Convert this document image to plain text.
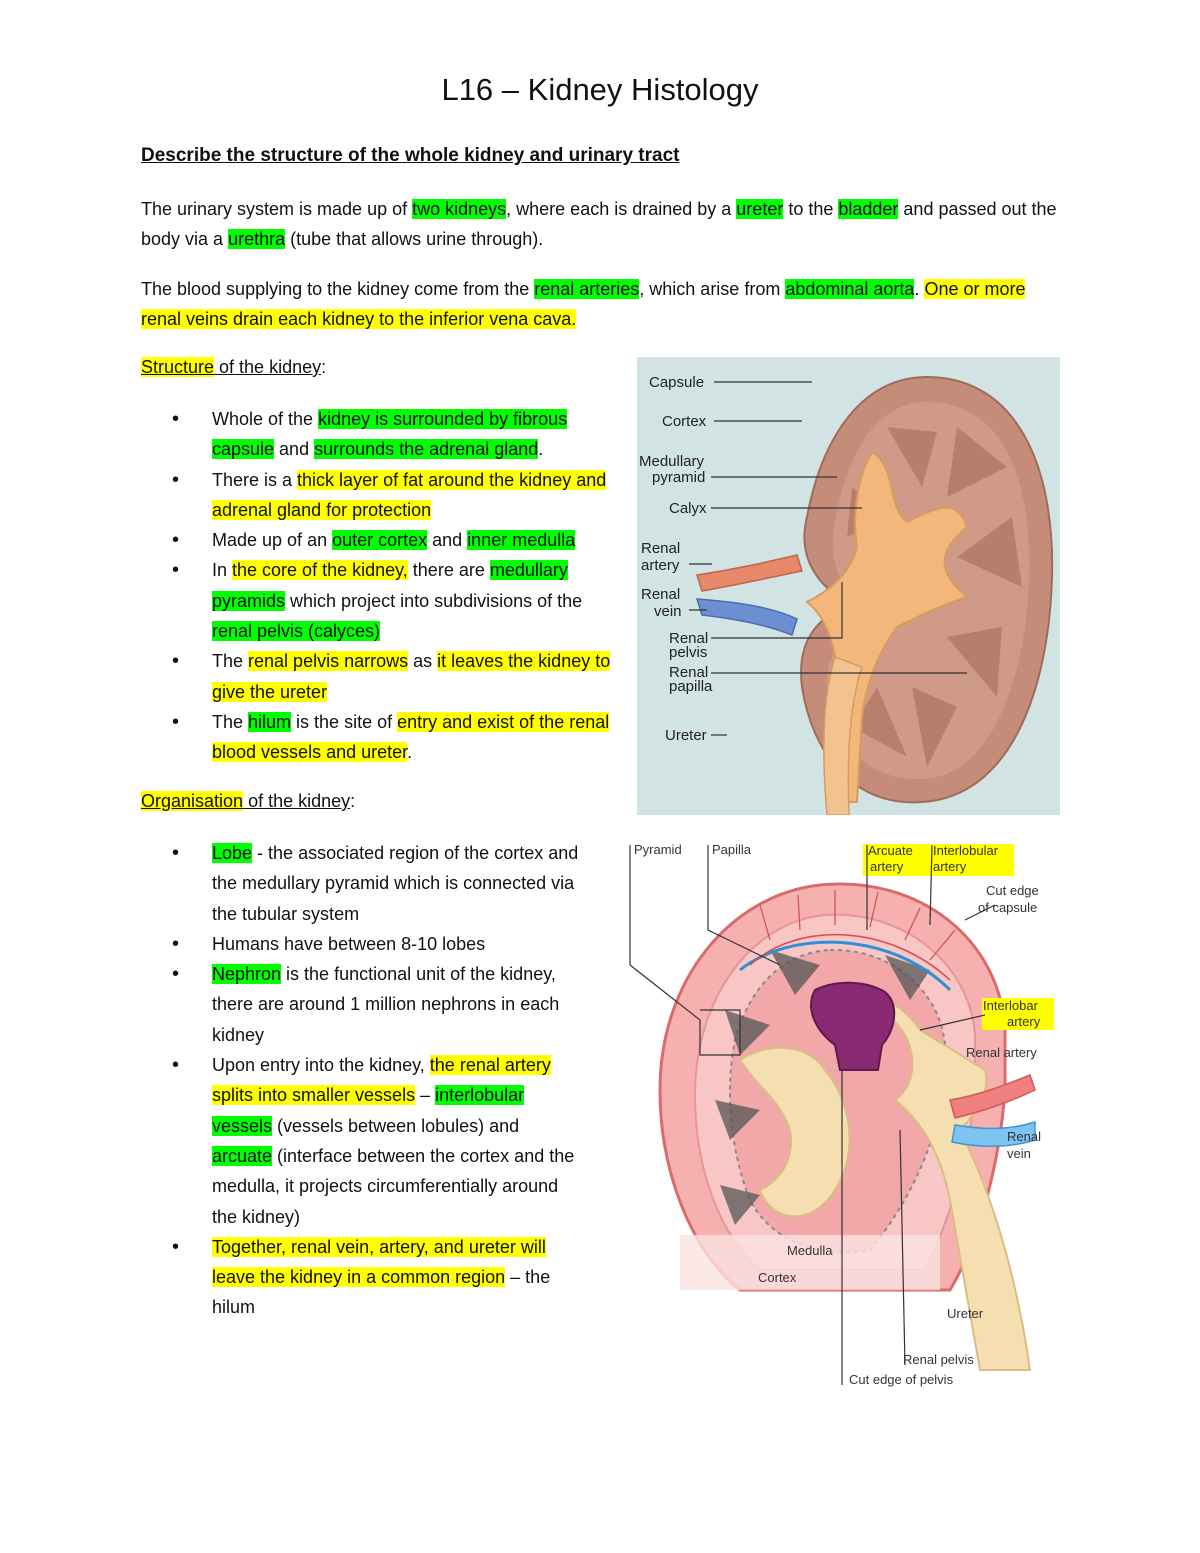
L16 – Kidney Histology
Describe the structure of the whole kidney and urinary tract
The urinary system is made up of two kidneys, where each is drained by a ureter to the bladder and passed out the body via a urethra (tube that allows urine through).
The blood supplying to the kidney come from the renal arteries, which arise from abdominal aorta. One or more renal veins drain each kidney to the inferior vena cava.
Structure of the kidney:
• Whole of the kidney is surrounded by fibrous capsule and surrounds the adrenal gland.
• There is a thick layer of fat around the kidney and adrenal gland for protection
• Made up of an outer cortex and inner medulla
• In the core of the kidney, there are medullary pyramids which project into subdivisions of the renal pelvis (calyces)
• The renal pelvis narrows as it leaves the kidney to give the ureter
• The hilum is the site of entry and exist of the renal blood vessels and ureter.
Organisation of the kidney:
• Lobe - the associated region of the cortex and the medullary pyramid which is connected via the tubular system
• Humans have between 8-10 lobes
• Nephron is the functional unit of the kidney, there are around 1 million nephrons in each kidney
• Upon entry into the kidney, the renal artery splits into smaller vessels – interlobular vessels (vessels between lobules) and arcuate (interface between the cortex and the medulla, it projects circumferentially around the kidney)
• Together, renal vein, artery, and ureter will leave the kidney in a common region – the hilum
Capsule
Cortex
Medullary
pyramid
Calyx
Renal
artery
Renal
vein
Renal
pelvis
Renal
papilla
Ureter
Pyramid Papilla	Arcuate
artery
Interlobular
artery
Cut edge
of capsule
Interlobar
artery
Renal artery
Renal
vein
Medulla
Cortex
Ureter
Renal pelvis
Cut edge of pelvis
